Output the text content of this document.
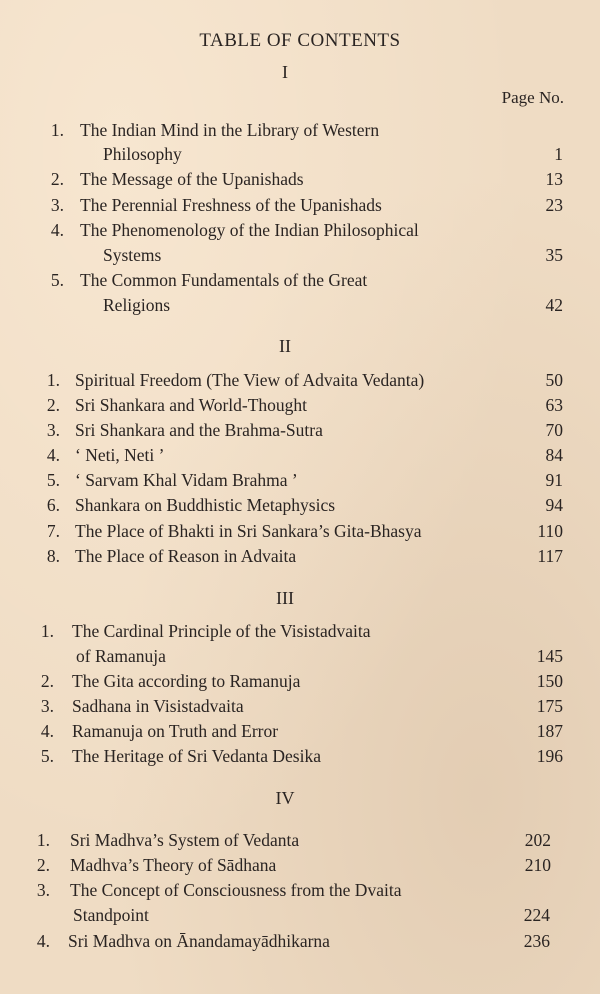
TABLE OF CONTENTS
Page No.
I
1. The Indian Mind in the Library of Western
Philosophy	1
2. The Message of the Upanishads	13
3. The Perennial Freshness of the Upanishads	23
4. The Phenomenology of the Indian Philosophical
Systems	35
5. The Common Fundamentals of the Great
Religions	42
II
1. Spiritual Freedom (The View of Advaita Vedanta)	50
2. Sri Shankara and World-Thought	63
3. Sri Shankara and the Brahma-Sutra	70
4. ‘ Neti, Neti ’	84
5. ‘ Sarvam Khal Vidam Brahma ’	91
6. Shankara on Buddhistic Metaphysics	94
7. The Place of Bhakti in Sri Sankara’s Gita-Bhasya	110
8. The Place of Reason in Advaita	117
III
1. The Cardinal Principle of the Visistadvaita
of Ramanuja	145
2. The Gita according to Ramanuja	150
3. Sadhana in Visistadvaita	175
4. Ramanuja on Truth and Error	187
5. The Heritage of Sri Vedanta Desika	196
IV
1. Sri Madhva’s System of Vedanta	202
2. Madhva’s Theory of Sādhana	210
3. The Concept of Consciousness from the Dvaita
Standpoint	224
4. Sri Madhva on Ānandamayādhikarna	236
